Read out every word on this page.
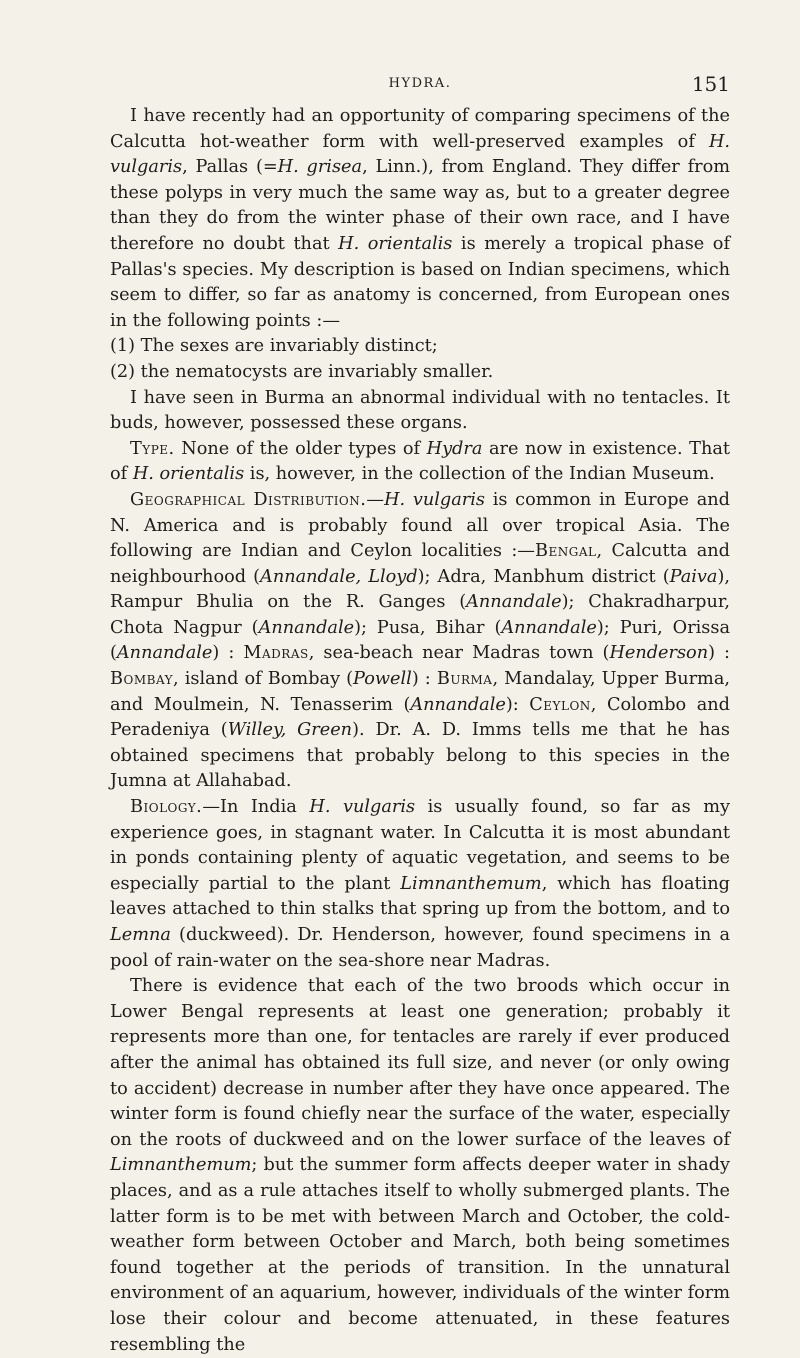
HYDRA.	151

I have recently had an opportunity of comparing specimens of the Calcutta hot-weather form with well-preserved examples of H. vulgaris, Pallas (=H. grisea, Linn.), from England. They differ from these polyps in very much the same way as, but to a greater degree than they do from the winter phase of their own race, and I have therefore no doubt that H. orientalis is merely a tropical phase of Pallas's species. My description is based on Indian specimens, which seem to differ, so far as anatomy is concerned, from European ones in the following points :—

(1) The sexes are invariably distinct;

(2) the nematocysts are invariably smaller.

I have seen in Burma an abnormal individual with no tentacles. It buds, however, possessed these organs.

Type. None of the older types of Hydra are now in existence. That of H. orientalis is, however, in the collection of the Indian Museum.

Geographical Distribution.—H. vulgaris is common in Europe and N. America and is probably found all over tropical Asia. The following are Indian and Ceylon localities :—Bengal, Calcutta and neighbourhood (Annandale, Lloyd); Adra, Manbhum district (Paiva), Rampur Bhulia on the R. Ganges (Annandale); Chakradharpur, Chota Nagpur (Annandale); Pusa, Bihar (Annandale); Puri, Orissa (Annandale) : Madras, sea-beach near Madras town (Henderson) : Bombay, island of Bombay (Powell) : Burma, Mandalay, Upper Burma, and Moulmein, N. Tenasserim (Annandale): Ceylon, Colombo and Peradeniya (Willey, Green). Dr. A. D. Imms tells me that he has obtained specimens that probably belong to this species in the Jumna at Allahabad.

Biology.—In India H. vulgaris is usually found, so far as my experience goes, in stagnant water. In Calcutta it is most abundant in ponds containing plenty of aquatic vegetation, and seems to be especially partial to the plant Limnanthemum, which has floating leaves attached to thin stalks that spring up from the bottom, and to Lemna (duckweed). Dr. Henderson, however, found specimens in a pool of rain-water on the sea-shore near Madras.

There is evidence that each of the two broods which occur in Lower Bengal represents at least one generation; probably it represents more than one, for tentacles are rarely if ever produced after the animal has obtained its full size, and never (or only owing to accident) decrease in number after they have once appeared. The winter form is found chiefly near the surface of the water, especially on the roots of duckweed and on the lower surface of the leaves of Limnanthemum; but the summer form affects deeper water in shady places, and as a rule attaches itself to wholly submerged plants. The latter form is to be met with between March and October, the cold-weather form between October and March, both being sometimes found together at the periods of transition. In the unnatural environment of an aquarium, however, individuals of the winter form lose their colour and become attenuated, in these features resembling the
